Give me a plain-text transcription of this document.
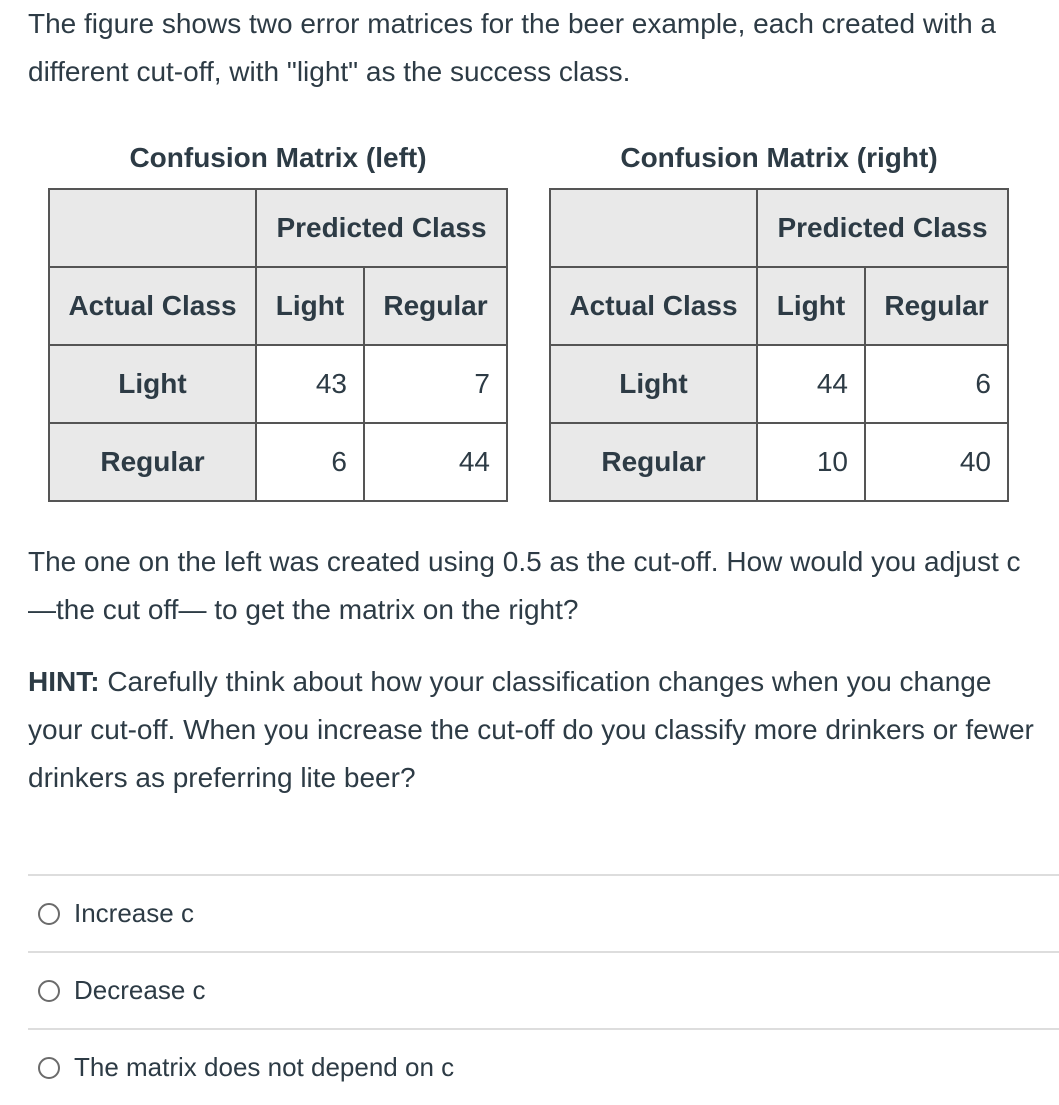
The figure shows two error matrices for the beer example, each created with a different cut-off, with "light" as the success class.

Confusion Matrix (left)
	Predicted Class	
Actual Class	Light	Regular
Light	43	7
Regular	6	44
Confusion Matrix (right)
	Predicted Class	
Actual Class	Light	Regular
Light	44	6
Regular	10	40

The one on the left was created using 0.5 as the cut-off. How would you adjust c —the cut off— to get the matrix on the right?

HINT: Carefully think about how your classification changes when you change your cut-off. When you increase the cut-off do you classify more drinkers or fewer drinkers as preferring lite beer?

Increase c
Decrease c
The matrix does not depend on c
